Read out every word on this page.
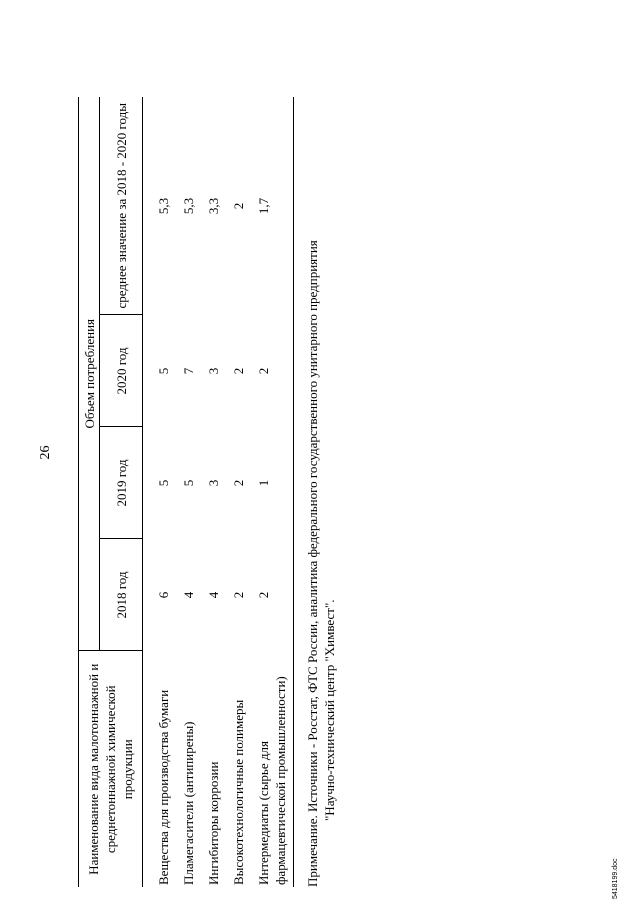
26
Наименование вида малотоннажной и среднетоннажной химической продукции	Объем потребления			
	2018 год	2019 год	2020 год	среднее значение за 2018 - 2020 годы
Вещества для производства бумаги	6	5	5	5,3
Пламегасители (антипирены)	4	5	7	5,3
Ингибиторы коррозии	4	3	3	3,3
Высокотехнологичные полимеры	2	2	2	2
Интермедиаты (сырье для фармацевтической промышленности)	2	1	2	1,7
Примечание. Источники - Росстат, ФТС России, аналитика федерального государственного унитарного предприятия "Научно-технический центр "Химвест".
5418199.doc
